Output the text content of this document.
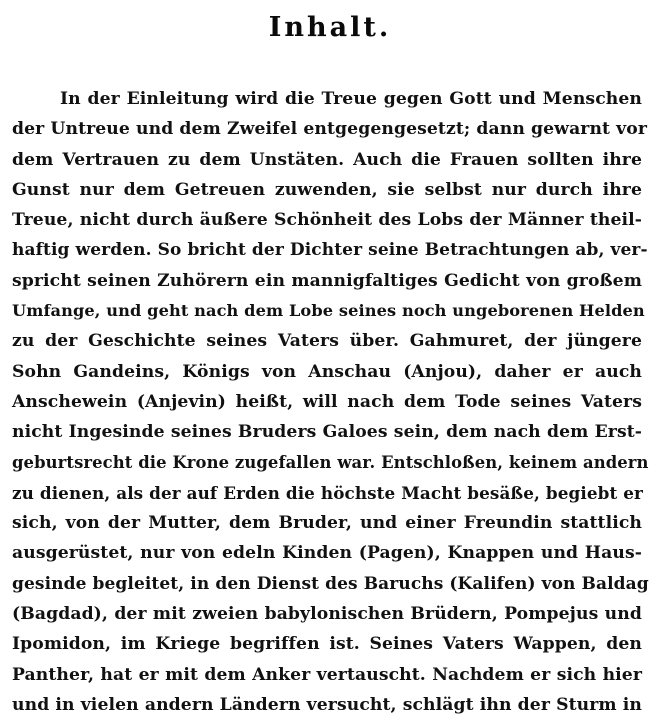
Inhalt.
In der Einleitung wird die Treue gegen Gott und Menschen
der Untreue und dem Zweifel entgegengesetzt; dann gewarnt vor
dem Vertrauen zu dem Unstäten. Auch die Frauen sollten ihre
Gunst nur dem Getreuen zuwenden, sie selbst nur durch ihre
Treue, nicht durch äußere Schönheit des Lobs der Männer theil-
haftig werden. So bricht der Dichter seine Betrachtungen ab, ver-
spricht seinen Zuhörern ein mannigfaltiges Gedicht von großem
Umfange, und geht nach dem Lobe seines noch ungeborenen Helden
zu der Geschichte seines Vaters über. Gahmuret, der jüngere
Sohn Gandeins, Königs von Anschau (Anjou), daher er auch
Anschewein (Anjevin) heißt, will nach dem Tode seines Vaters
nicht Ingesinde seines Bruders Galoes sein, dem nach dem Erst-
geburtsrecht die Krone zugefallen war. Entschloßen, keinem andern
zu dienen, als der auf Erden die höchste Macht besäße, begiebt er
sich, von der Mutter, dem Bruder, und einer Freundin stattlich
ausgerüstet, nur von edeln Kinden (Pagen), Knappen und Haus-
gesinde begleitet, in den Dienst des Baruchs (Kalifen) von Baldag
(Bagdad), der mit zweien babylonischen Brüdern, Pompejus und
Ipomidon, im Kriege begriffen ist. Seines Vaters Wappen, den
Panther, hat er mit dem Anker vertauscht. Nachdem er sich hier
und in vielen andern Ländern versucht, schlägt ihn der Sturm in
